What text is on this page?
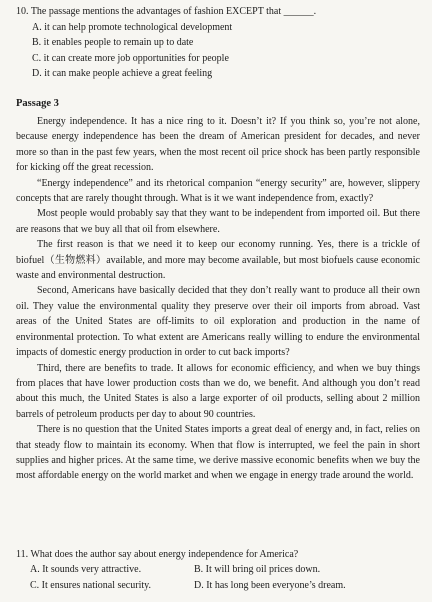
10. The passage mentions the advantages of fashion EXCEPT that ______.

A. it can help promote technological development

B. it enables people to remain up to date

C. it can create more job opportunities for people

D. it can make people achieve a great feeling

Passage 3

Energy independence. It has a nice ring to it. Doesn’t it? If you think so, you’re not alone, because energy independence has been the dream of American president for decades, and never more so than in the past few years, when the most recent oil price shock has been partly responsible for kicking off the great recession.

“Energy independence” and its rhetorical companion “energy security” are, however, slippery concepts that are rarely thought through. What is it we want independence from, exactly?

Most people would probably say that they want to be independent from imported oil. But there are reasons that we buy all that oil from elsewhere.

The first reason is that we need it to keep our economy running. Yes, there is a trickle of biofuel（生物燃料）available, and more may become available, but most biofuels cause economic waste and environmental destruction.

Second, Americans have basically decided that they don’t really want to produce all their own oil. They value the environmental quality they preserve over their oil imports from abroad. Vast areas of the United States are off-limits to oil exploration and production in the name of environmental protection. To what extent are Americans really willing to endure the environmental impacts of domestic energy production in order to cut back imports?

Third, there are benefits to trade. It allows for economic efficiency, and when we buy things from places that have lower production costs than we do, we benefit. And although you don’t read about this much, the United States is also a large exporter of oil products, selling about 2 million barrels of petroleum products per day to about 90 countries.

There is no question that the United States imports a great deal of energy and, in fact, relies on that steady flow to maintain its economy. When that flow is interrupted, we feel the pain in short supplies and higher prices. At the same time, we derive massive economic benefits when we buy the most affordable energy on the world market and when we engage in energy trade around the world.

11. What does the author say about energy independence for America?

A. It sounds very attractive.	B. It will bring oil prices down.
C. It ensures national security.	D. It has long been everyone’s dream.
